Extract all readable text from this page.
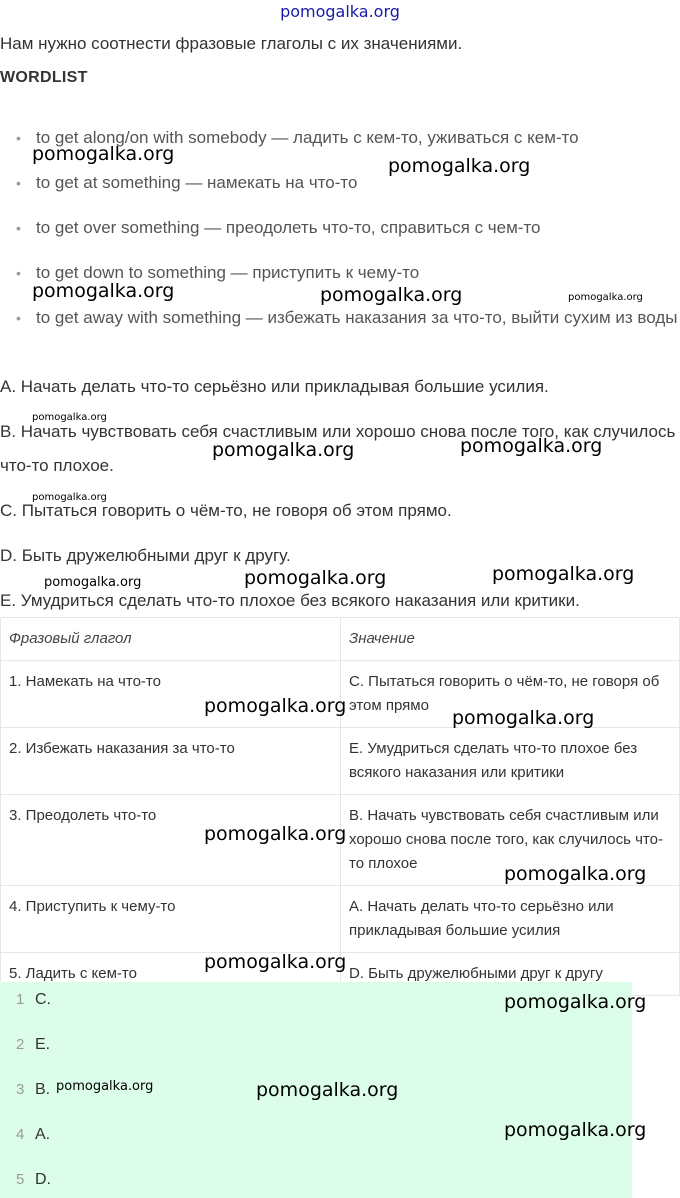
pomogalka.org

Нам нужно соотнести фразовые глаголы с их значениями.

WORDLIST
• to get along/on with somebody — ладить с кем-то, уживаться с кем-то
• to get at something — намекать на что-то
• to get over something — преодолеть что-то, справиться с чем-то
• to get down to something — приступить к чему-то
• to get away with something — избежать наказания за что-то, выйти сухим из воды

A. Начать делать что-то серьёзно или прикладывая большие усилия.

B. Начать чувствовать себя счастливым или хорошо снова после того, как случилось что-то плохое.

C. Пытаться говорить о чём-то, не говоря об этом прямо.

D. Быть дружелюбными друг к другу.

E. Умудриться сделать что-то плохое без всякого наказания или критики.

Фразовый глагол	Значение
1. Намекать на что-то	C. Пытаться говорить о чём-то, не говоря об этом прямо
2. Избежать наказания за что-то	E. Умудриться сделать что-то плохое без всякого наказания или критики
3. Преодолеть что-то	B. Начать чувствовать себя счастливым или хорошо снова после того, как случилось что-то плохое
4. Приступить к чему-то	A. Начать делать что-то серьёзно или прикладывая большие усилия
5. Ладить с кем-то	D. Быть дружелюбными друг к другу
1 C.
2 E.
3 B.
4 A.
5 D.
pomogalka.org
pomogalka.org
pomogalka.org	pomogalka.org	pomogalka.org
pomogalka.org
pomogalka.org	pomogalka.org
pomogalka.org
pomogalka.org	pomogalka.org	pomogalka.org
pomogalka.org
pomogalka.org
pomogalka.org
pomogalka.org
pomogalka.org
pomogalka.org
pomogalka.org	pomogalka.org
pomogalka.org
